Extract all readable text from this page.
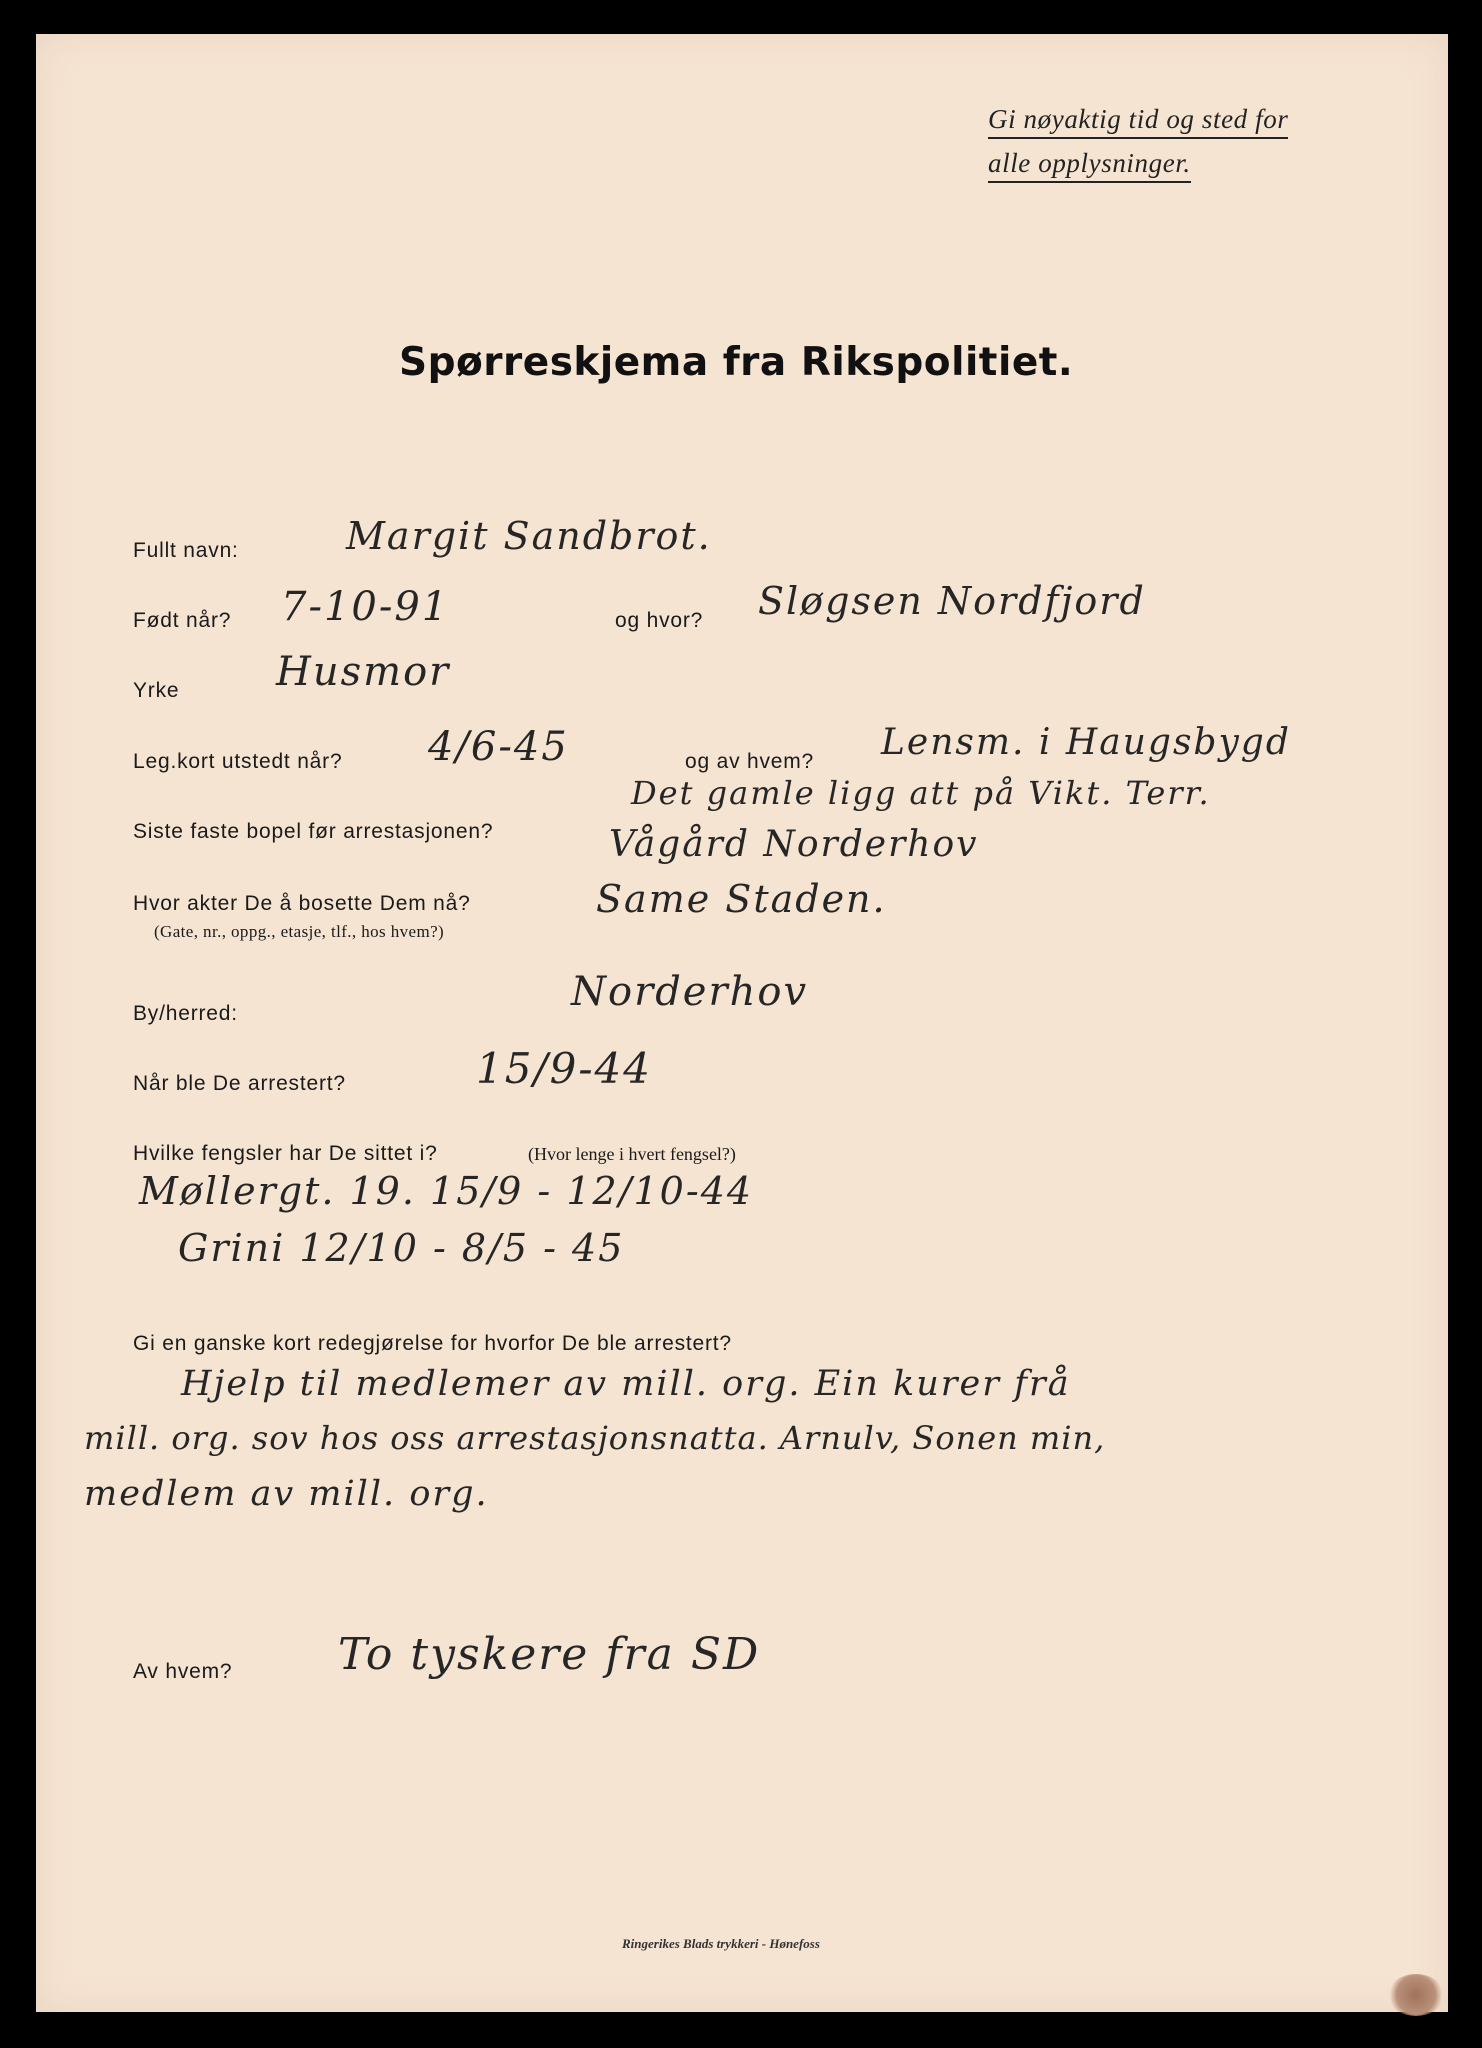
Gi nøyaktig tid og sted for
alle opplysninger.
Spørreskjema fra Rikspolitiet.
Fullt navn:	Margit Sandbrot.
Født når? 7-10-91	og hvor? Sløgsen Nordfjord
Yrke Husmor
Leg.kort utstedt når? 4/6-45	og av hvem? Lensm. i Haugsbygd
Det gamle ligg att på Vikt. Terr.
Siste faste bopel før arrestasjonen?	Vågård Norderhov
Hvor akter De å bosette Dem nå?
(Gate, nr., oppg., etasje, tlf., hos hvem?)
Same Staden.
By/herred:	Norderhov
Når ble De arrestert?	15/9-44
Hvilke fengsler har De sittet i?	(Hvor lenge i hvert fengsel?)
Møllergt. 19. 15/9 - 12/10-44
Grini 12/10 - 8/5 - 45
Gi en ganske kort redegjørelse for hvorfor De ble arrestert?
Hjelp til medlemer av mill. org. Ein kurer frå
mill. org. sov hos oss arrestasjonsnatta. Arnulv, Sonen min,
medlem av mill. org.
Av hvem? To tyskere fra SD
Ringerikes Blads trykkeri - Hønefoss
